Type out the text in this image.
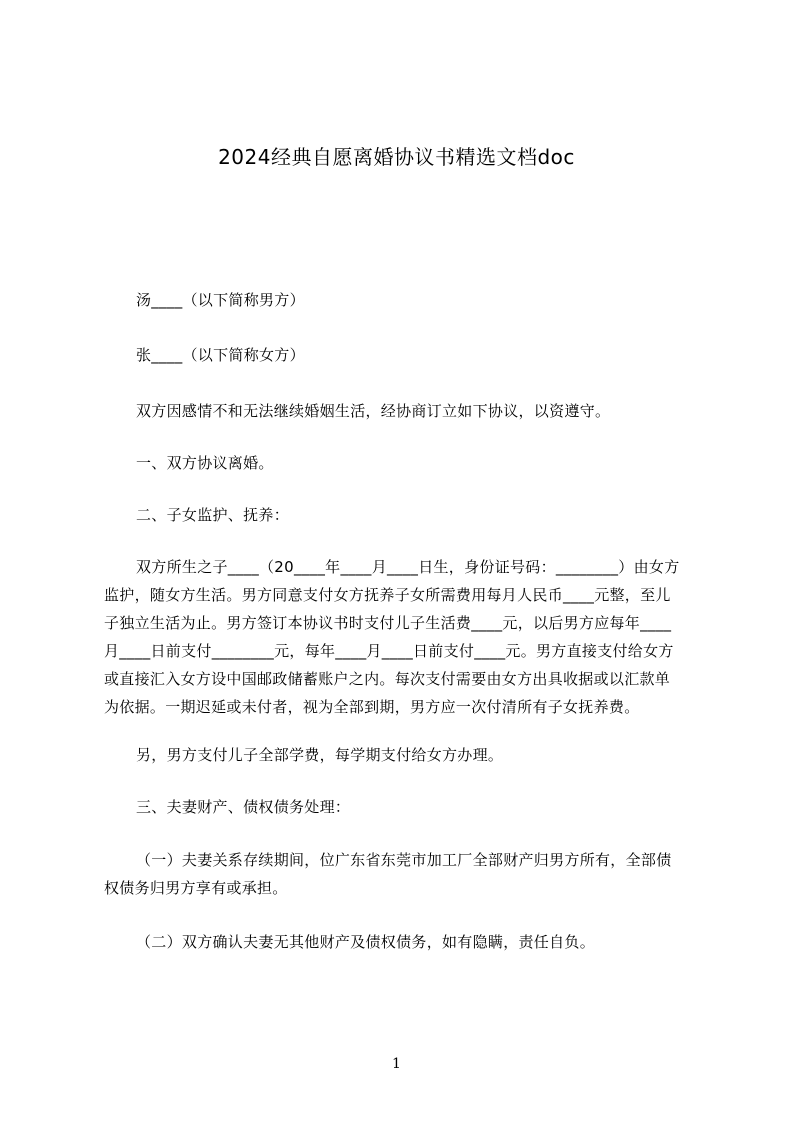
2024经典自愿离婚协议书精选文档doc
汤____（以下简称男方）
张____（以下简称女方）
双方因感情不和无法继续婚姻生活，经协商订立如下协议，以资遵守。
一、双方协议离婚。
二、子女监护、抚养：
双方所生之子____（20____年____月____日生，身份证号码：________）由女方
监护，随女方生活。男方同意支付女方抚养子女所需费用每月人民币____元整，至儿
子独立生活为止。男方签订本协议书时支付儿子生活费____元，以后男方应每年____
月____日前支付________元，每年____月____日前支付____元。男方直接支付给女方
或直接汇入女方设中国邮政储蓄账户之内。每次支付需要由女方出具收据或以汇款单
为依据。一期迟延或未付者，视为全部到期，男方应一次付清所有子女抚养费。
另，男方支付儿子全部学费，每学期支付给女方办理。
三、夫妻财产、债权债务处理：
（一）夫妻关系存续期间，位广东省东莞市加工厂全部财产归男方所有，全部债
权债务归男方享有或承担。
（二）双方确认夫妻无其他财产及债权债务，如有隐瞒，责任自负。
1
